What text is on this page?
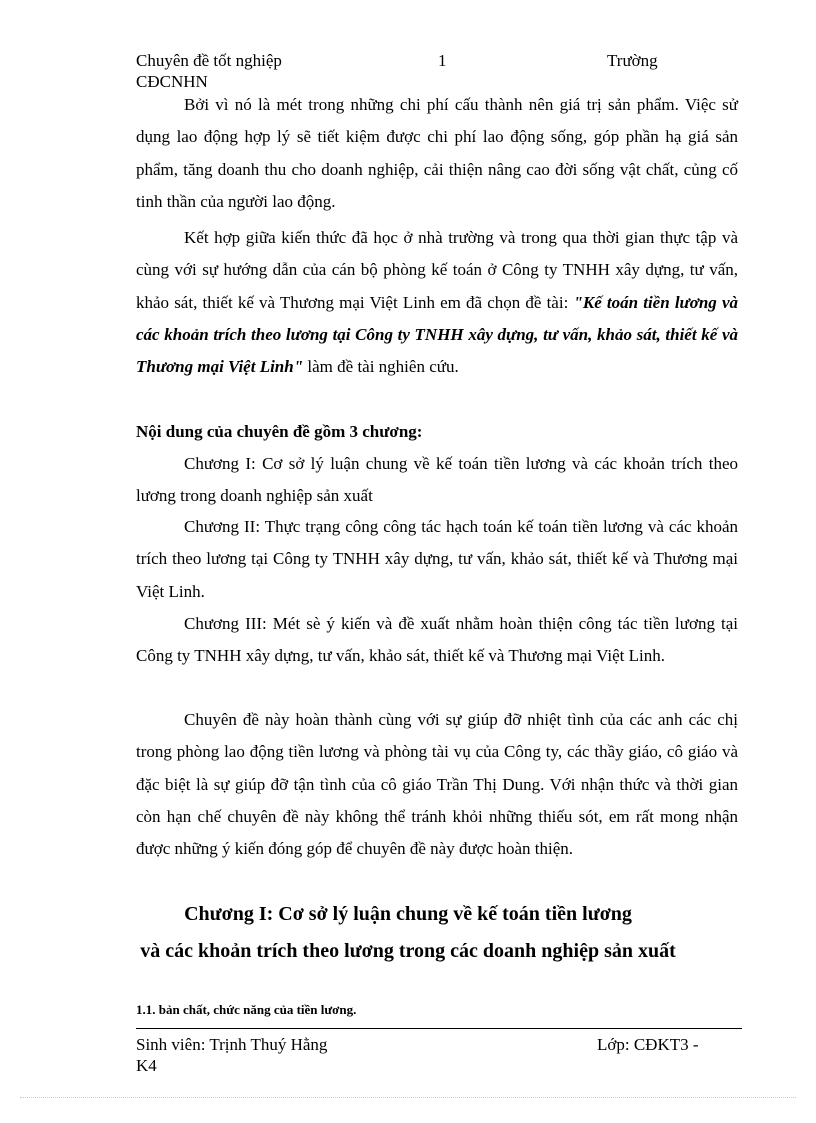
Chuyên đề tốt nghiệp	1	Trường
CĐCNHN
Bởi vì nó là mét trong những chi phí cấu thành nên giá trị sản phẩm. Việc sử dụng lao động hợp lý sẽ tiết kiệm được chi phí lao động sống, góp phần hạ giá sản phẩm, tăng doanh thu cho doanh nghiệp, cải thiện nâng cao đời sống vật chất, củng cố tinh thần của người lao động.
Kết hợp giữa kiến thức đã học ở nhà trường và trong qua thời gian thực tập và cùng với sự hướng dẫn của cán bộ phòng kế toán ở Công ty TNHH xây dựng, tư vấn, khảo sát, thiết kế và Thương mại Việt Linh em đã chọn đề tài: "Kế toán tiền lương và các khoản trích theo lương tại Công ty TNHH xây dựng, tư vấn, khảo sát, thiết kế và Thương mại Việt Linh" làm đề tài nghiên cứu.
Nội dung của chuyên đề gồm 3 chương:
Chương I: Cơ sở lý luận chung về kế toán tiền lương và các khoản trích theo lương trong doanh nghiệp sản xuất
Chương II: Thực trạng công công tác hạch toán kế toán tiền lương và các khoản trích theo lương tại Công ty TNHH xây dựng, tư vấn, khảo sát, thiết kế và Thương mại Việt Linh.
Chương III: Mét sè ý kiến và đề xuất nhằm hoàn thiện công tác tiền lương tại Công ty TNHH xây dựng, tư vấn, khảo sát, thiết kế và Thương mại Việt Linh.
Chuyên đề này hoàn thành cùng với sự giúp đỡ nhiệt tình của các anh các chị trong phòng lao động tiền lương và phòng tài vụ của Công ty, các thầy giáo, cô giáo và đặc biệt là sự giúp đỡ tận tình của cô giáo Trần Thị Dung. Với nhận thức và thời gian còn hạn chế chuyên đề này không thể tránh khỏi những thiếu sót, em rất mong nhận được những ý kiến đóng góp để chuyên đề này được hoàn thiện.
Chương I: Cơ sở lý luận chung về kế toán tiền lương
và các khoản trích theo lương trong các doanh nghiệp sản xuất
1.1. bản chất, chức năng của tiền lương.
Sinh viên: Trịnh Thuý Hằng	Lớp: CĐKT3 -
K4
